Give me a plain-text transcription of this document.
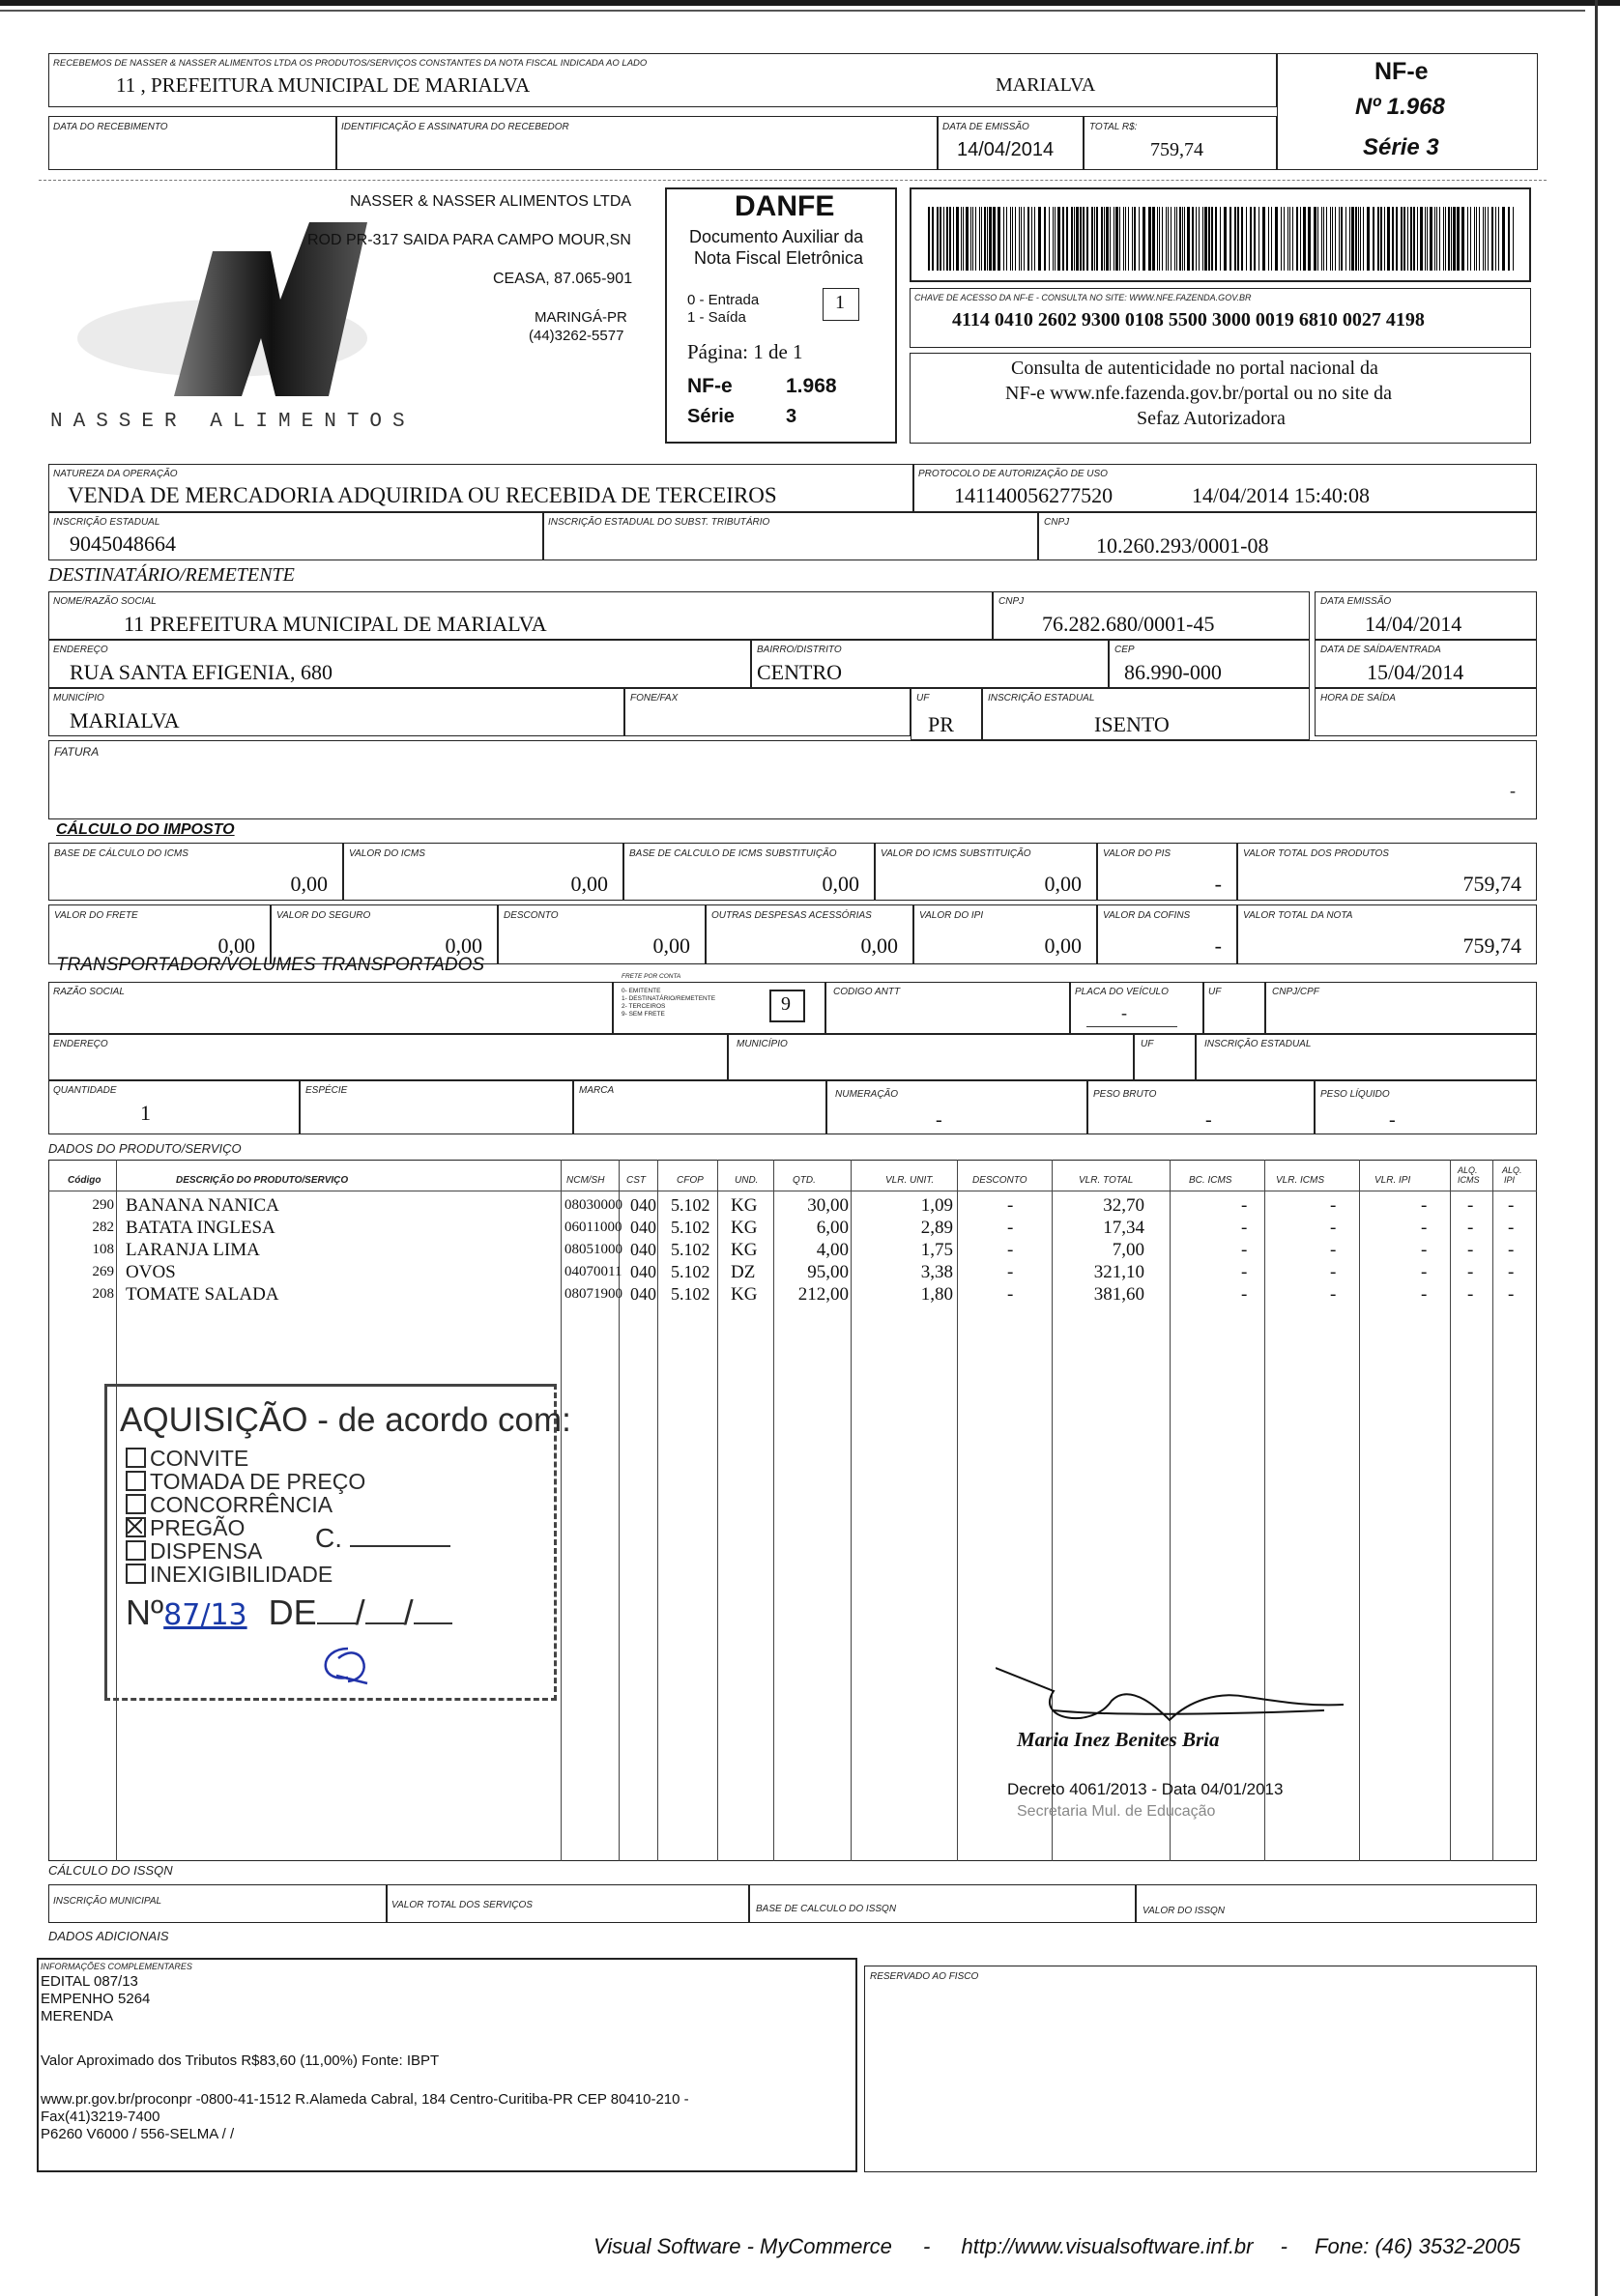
RECEBEMOS DE NASSER & NASSER ALIMENTOS LTDA OS PRODUTOS/SERVIÇOS CONSTANTES DA NOTA FISCAL INDICADA AO LADO
11 , PREFEITURA MUNICIPAL DE MARIALVA	MARIALVA
DATA DO RECEBIMENTO	IDENTIFICAÇÃO E ASSINATURA DO RECEBEDOR	DATA DE EMISSÃO
14/04/2014
TOTAL R$:
759,74
NF-e
Nº 1.968
Série 3
NASSER ALIMENTOS
NASSER & NASSER ALIMENTOS LTDA
ROD PR-317 SAIDA PARA CAMPO MOUR,SN
CEASA, 87.065-901
MARINGÁ-PR
(44)3262-5577
DANFE
Documento Auxiliar da
Nota Fiscal Eletrônica
0 - Entrada
1 - Saída
1
Página: 1 de 1
NF-e	1.968
Série	3
CHAVE DE ACESSO DA NF-E - CONSULTA NO SITE: WWW.NFE.FAZENDA.GOV.BR
4114 0410 2602 9300 0108 5500 3000 0019 6810 0027 4198
Consulta de autenticidade no portal nacional da
NF-e www.nfe.fazenda.gov.br/portal ou no site da
Sefaz Autorizadora
NATUREZA DA OPERAÇÃO
VENDA DE MERCADORIA ADQUIRIDA OU RECEBIDA DE TERCEIROS
PROTOCOLO DE AUTORIZAÇÃO DE USO
141140056277520	14/04/2014 15:40:08
INSCRIÇÃO ESTADUAL
9045048664
INSCRIÇÃO ESTADUAL DO SUBST. TRIBUTÁRIO	CNPJ
10.260.293/0001-08
DESTINATÁRIO/REMETENTE
NOME/RAZÃO SOCIAL
11 PREFEITURA MUNICIPAL DE MARIALVA
CNPJ
76.282.680/0001-45
DATA EMISSÃO
14/04/2014
ENDEREÇO
RUA SANTA EFIGENIA, 680
BAIRRO/DISTRITO
CENTRO
CEP
86.990-000
DATA DE SAÍDA/ENTRADA
15/04/2014
MUNICÍPIO
MARIALVA
FONE/FAX	UF
PR
INSCRIÇÃO ESTADUAL
ISENTO
HORA DE SAÍDA
FATURA
-
CÁLCULO DO IMPOSTO
BASE DE CÁLCULO DO ICMS
0,00
VALOR DO ICMS
0,00
BASE DE CALCULO DE ICMS SUBSTITUIÇÃO
0,00
VALOR DO ICMS SUBSTITUIÇÃO
0,00
VALOR DO PIS
-
VALOR TOTAL DOS PRODUTOS
759,74
VALOR DO FRETE
0,00
VALOR DO SEGURO
0,00
DESCONTO
0,00
OUTRAS DESPESAS ACESSÓRIAS
0,00
VALOR DO IPI
0,00
VALOR DA COFINS
-
VALOR TOTAL DA NOTA
759,74
TRANSPORTADOR/VOLUMES TRANSPORTADOS
RAZÃO SOCIAL
FRETE POR CONTA
0- EMITENTE
1- DESTINATÁRIO/REMETENTE
2- TERCEIROS
9- SEM FRETE	9
CODIGO ANTT	PLACA DO VEÍCULO
-
UF	CNPJ/CPF
ENDEREÇO	MUNICÍPIO	UF	INSCRIÇÃO ESTADUAL
QUANTIDADE
1
ESPÉCIE	MARCA	NUMERAÇÃO
-
PESO BRUTO
-
PESO LÍQUIDO
-
DADOS DO PRODUTO/SERVIÇO
Código	DESCRIÇÃO DO PRODUTO/SERVIÇO	NCM/SH CST	CFOP	UND.	QTD.	VLR. UNIT.	DESCONTO	VLR. TOTAL	BC. ICMS	VLR. ICMS	VLR. IPI
ALQ.
ICMS
ALQ.
IPI
290 BANANA NANICA	08030000 040 5.102 KG	30,00	1,09	-	32,70	-	-	- - -
282 BATATA INGLESA	06011000 040 5.102 KG	6,00	2,89	-	17,34	-	-	- - -
108 LARANJA LIMA	08051000 040 5.102 KG	4,00	1,75	-	7,00	-	-	- - -
269 OVOS	04070011 040 5.102 DZ	95,00	3,38	-	321,10	-	-	- - -
208 TOMATE SALADA	08071900 040 5.102 KG 212,00	1,80	-	381,60	-	-	- - -
AQUISIÇÃO - de acordo com:
CONVITE
TOMADA DE PREÇO
CONCORRÊNCIA
PREGÃO	C.
DISPENSA
INEXIGIBILIDADE
Nº87/13 DE / /
Maria Inez Benites Bria
Decreto 4061/2013 - Data 04/01/2013
Secretaria Mul. de Educação
CÁLCULO DO ISSQN
INSCRIÇÃO MUNICIPAL	VALOR TOTAL DOS SERVIÇOS	BASE DE CALCULO DO ISSQN	VALOR DO ISSQN
DADOS ADICIONAIS
INFORMAÇÕES COMPLEMENTARES
EDITAL 087/13
EMPENHO 5264
MERENDA
Valor Aproximado dos Tributos R$83,60 (11,00%) Fonte: IBPT
www.pr.gov.br/proconpr -0800-41-1512 R.Alameda Cabral, 184 Centro-Curitiba-PR CEP 80410-210 -
Fax(41)3219-7400
P6260 V6000 / 556-SELMA / /
RESERVADO AO FISCO
Visual Software - MyCommerce - http://www.visualsoftware.inf.br - Fone: (46) 3532-2005
